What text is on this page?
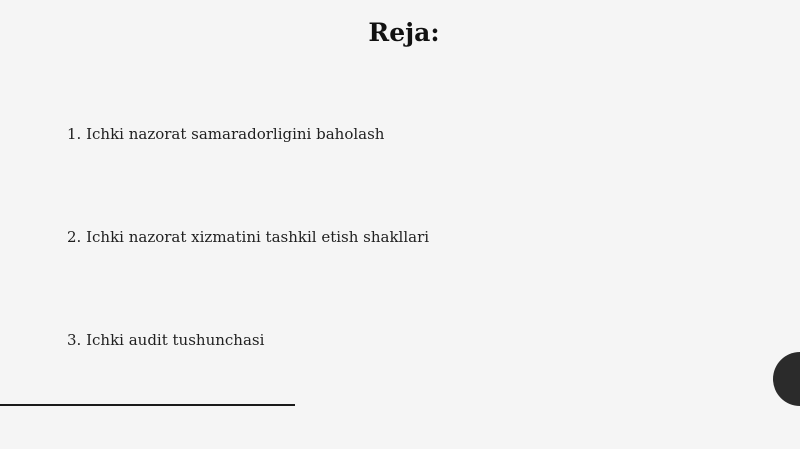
Reja:
1. Ichki nazorat samaradorligini baholash
2. Ichki nazorat xizmatini tashkil etish shakllari
3. Ichki audit tushunchasi
